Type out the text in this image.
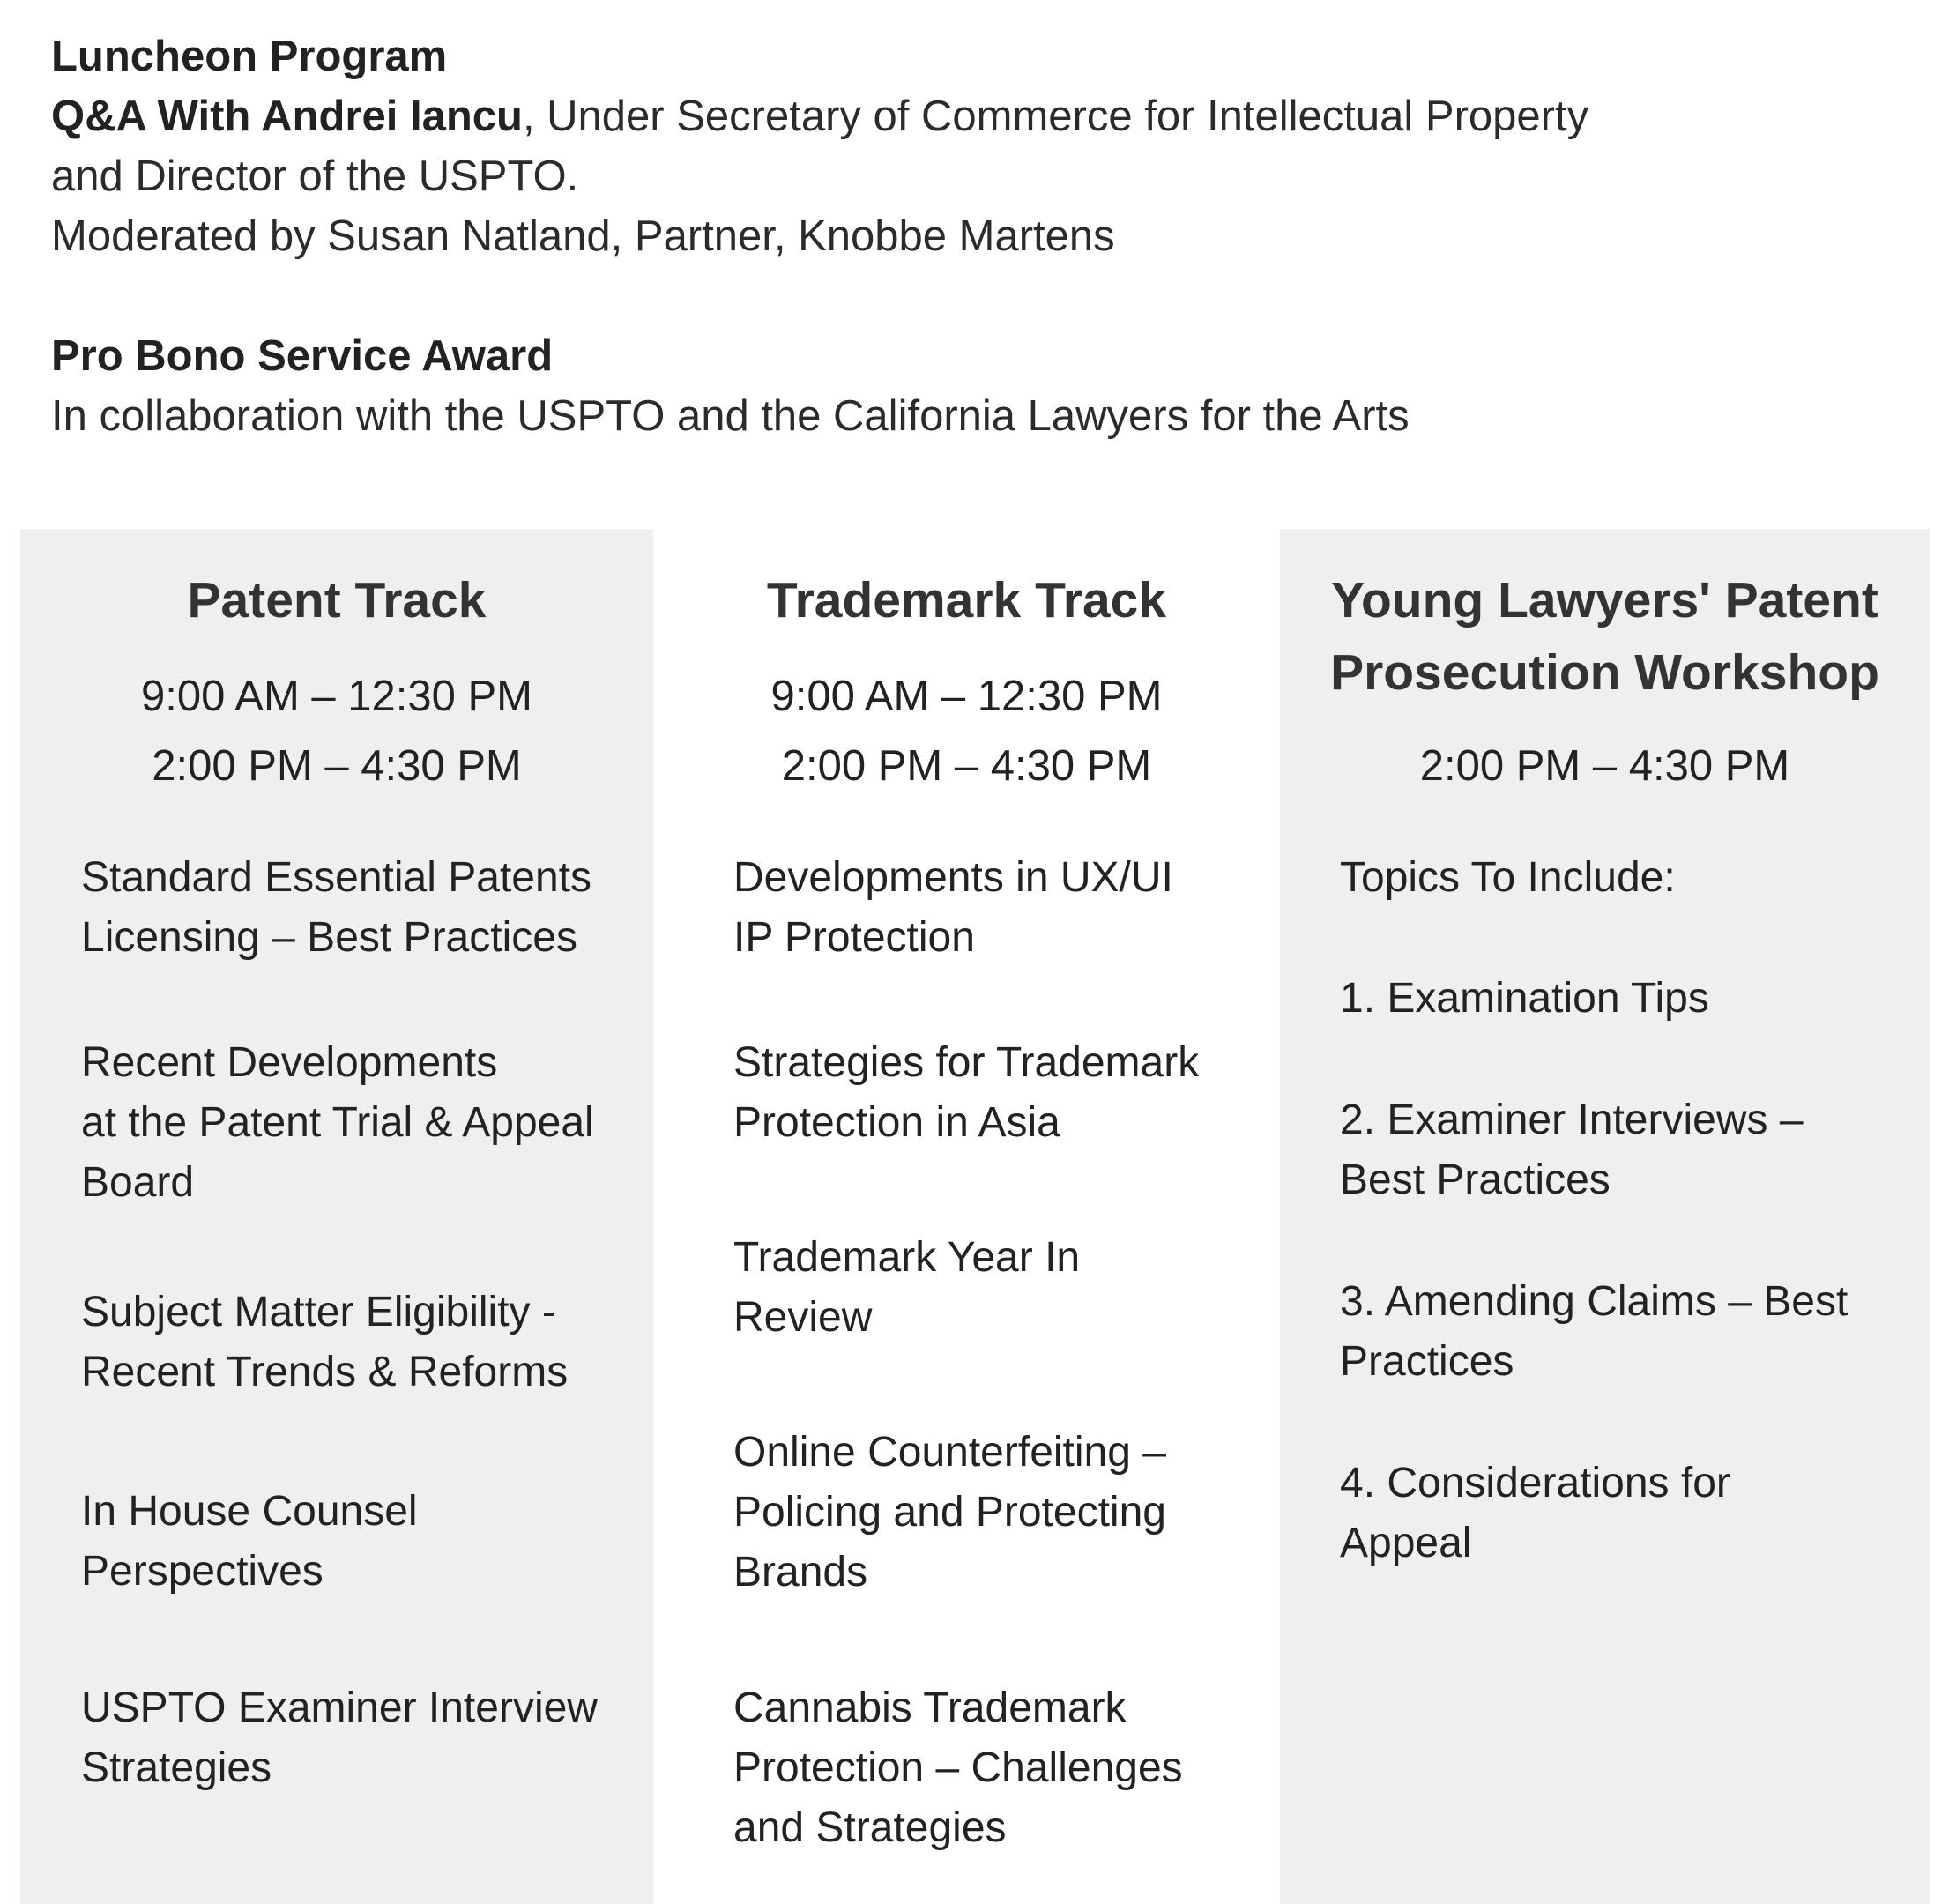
Luncheon Program
Q&A With Andrei Iancu, Under Secretary of Commerce for Intellectual Property
and Director of the USPTO.
Moderated by Susan Natland, Partner, Knobbe Martens
Pro Bono Service Award
In collaboration with the USPTO and the California Lawyers for the Arts
Patent Track
9:00 AM – 12:30 PM
2:00 PM – 4:30 PM
Standard Essential Patents
Licensing – Best Practices
Recent Developments
at the Patent Trial & Appeal
Board
Subject Matter Eligibility -
Recent Trends & Reforms
In House Counsel
Perspectives
USPTO Examiner Interview
Strategies
Trademark Track
9:00 AM – 12:30 PM
2:00 PM – 4:30 PM
Developments in UX/UI
IP Protection
Strategies for Trademark
Protection in Asia
Trademark Year In
Review
Online Counterfeiting –
Policing and Protecting
Brands
Cannabis Trademark
Protection – Challenges
and Strategies
Young Lawyers' Patent
Prosecution Workshop
2:00 PM – 4:30 PM
Topics To Include:
1. Examination Tips
2. Examiner Interviews –
Best Practices
3. Amending Claims – Best
Practices
4. Considerations for
Appeal
